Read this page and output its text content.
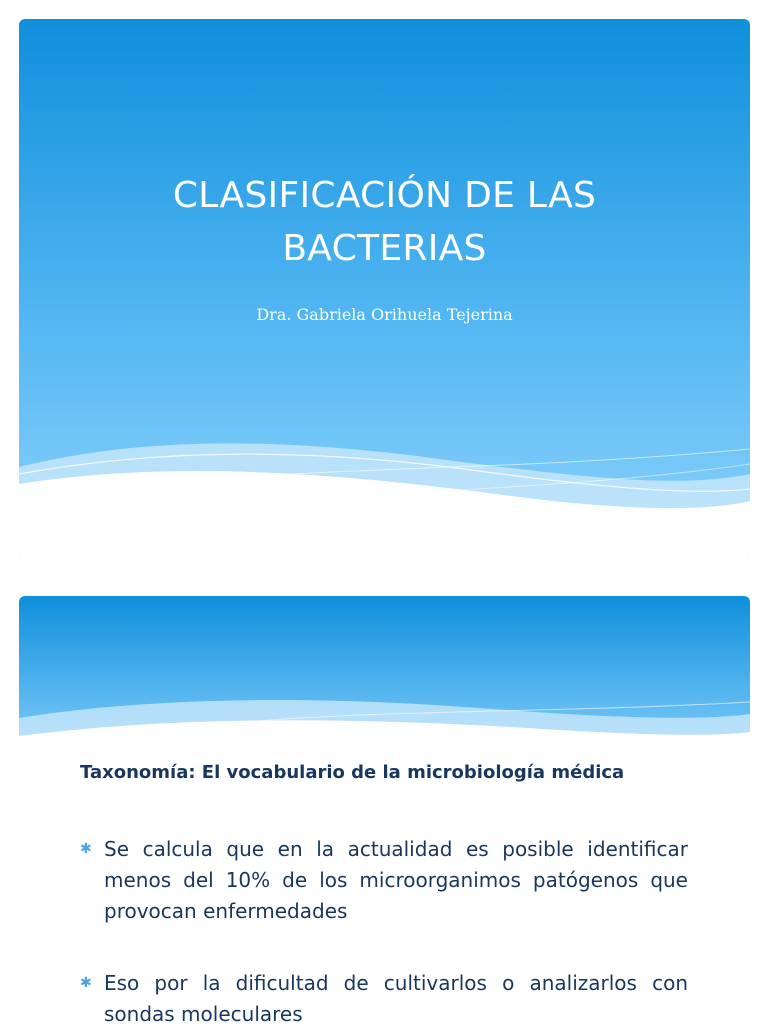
CLASIFICACIÓN DE LAS
BACTERIAS
Dra. Gabriela Orihuela Tejerina
Taxonomía: El vocabulario de la microbiología médica
✱ Se calcula que en la actualidad es posible identificar menos del 10% de los microorganimos patógenos que provocan enfermedades
✱ Eso por la dificultad de cultivarlos o analizarlos con sondas moleculares
